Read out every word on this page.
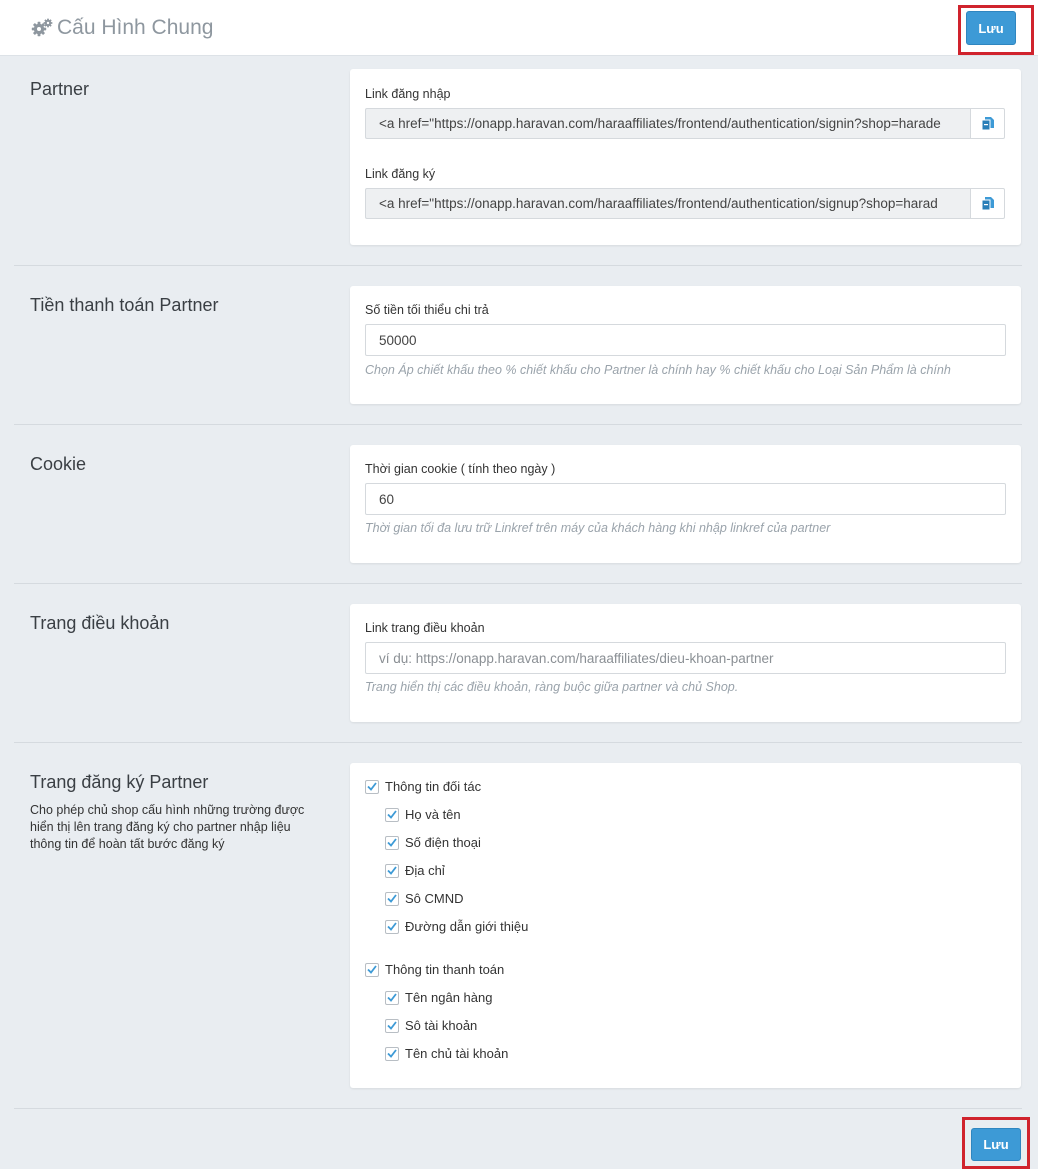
Cấu Hình Chung	Lưu
Partner	Link đăng nhập
<a href="https://onapp.haravan.com/haraaffiliates/frontend/authentication/signin?shop=harade
Link đăng ký
<a href="https://onapp.haravan.com/haraaffiliates/frontend/authentication/signup?shop=harad
Tiền thanh toán Partner	Số tiền tối thiểu chi trả
50000
Chọn Áp chiết khấu theo % chiết khấu cho Partner là chính hay % chiết khấu cho Loại Sản Phẩm là chính
Cookie	Thời gian cookie ( tính theo ngày )
60
Thời gian tối đa lưu trữ Linkref trên máy của khách hàng khi nhập linkref của partner
Trang điều khoản	Link trang điều khoản
ví dụ: https://onapp.haravan.com/haraaffiliates/dieu-khoan-partner
Trang hiển thị các điều khoản, ràng buộc giữa partner và chủ Shop.
Trang đăng ký Partner
Cho phép chủ shop cấu hình những trường được hiển thị lên trang đăng ký cho partner nhập liệu thông tin để hoàn tất bước đăng ký
Thông tin đối tác
Họ và tên
Số điện thoại
Địa chỉ
Sô CMND
Đường dẫn giới thiệu
Thông tin thanh toán
Tên ngân hàng
Sô tài khoản
Tên chủ tài khoản
Lưu
